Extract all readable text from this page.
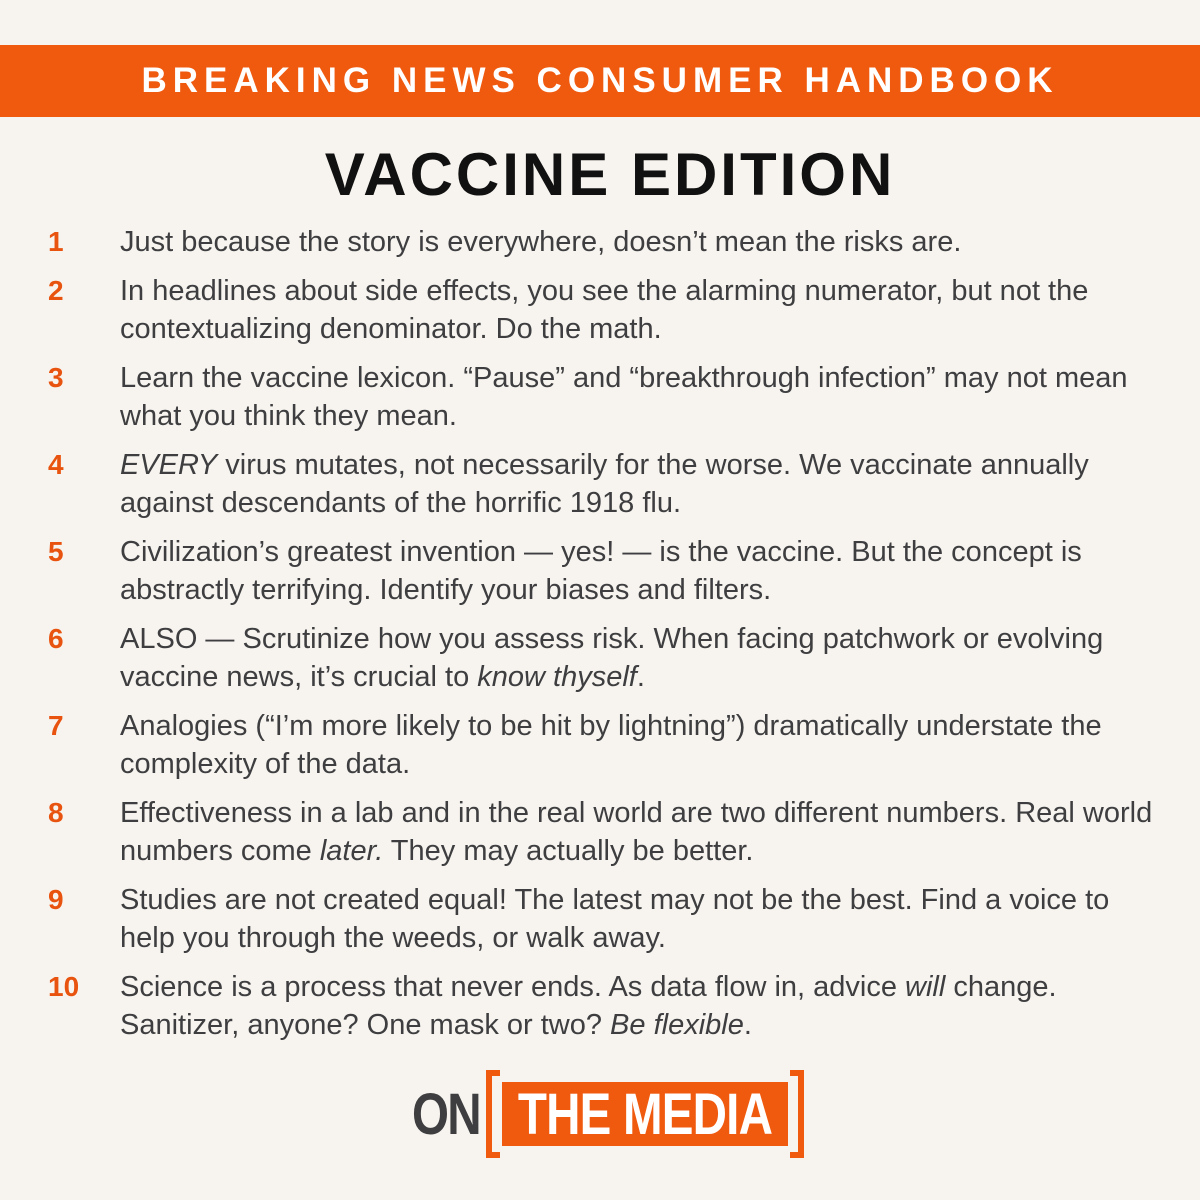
BREAKING NEWS CONSUMER HANDBOOK
VACCINE EDITION
1 Just because the story is everywhere, doesn’t mean the risks are.
2 In headlines about side effects, you see the alarming numerator, but not the contextualizing denominator. Do the math.
3 Learn the vaccine lexicon. “Pause” and “breakthrough infection” may not mean what you think they mean.
4 EVERY virus mutates, not necessarily for the worse. We vaccinate annually against descendants of the horrific 1918 flu.
5 Civilization’s greatest invention — yes! — is the vaccine. But the concept is abstractly terrifying. Identify your biases and filters.
6 ALSO — Scrutinize how you assess risk. When facing patchwork or evolving vaccine news, it’s crucial to know thyself.
7 Analogies (“I’m more likely to be hit by lightning”) dramatically understate the complexity of the data.
8 Effectiveness in a lab and in the real world are two different numbers. Real world numbers come later. They may actually be better.
9 Studies are not created equal! The latest may not be the best. Find a voice to help you through the weeds, or walk away.
10 Science is a process that never ends. As data flow in, advice will change. Sanitizer, anyone? One mask or two? Be flexible.
ON THE MEDIA
